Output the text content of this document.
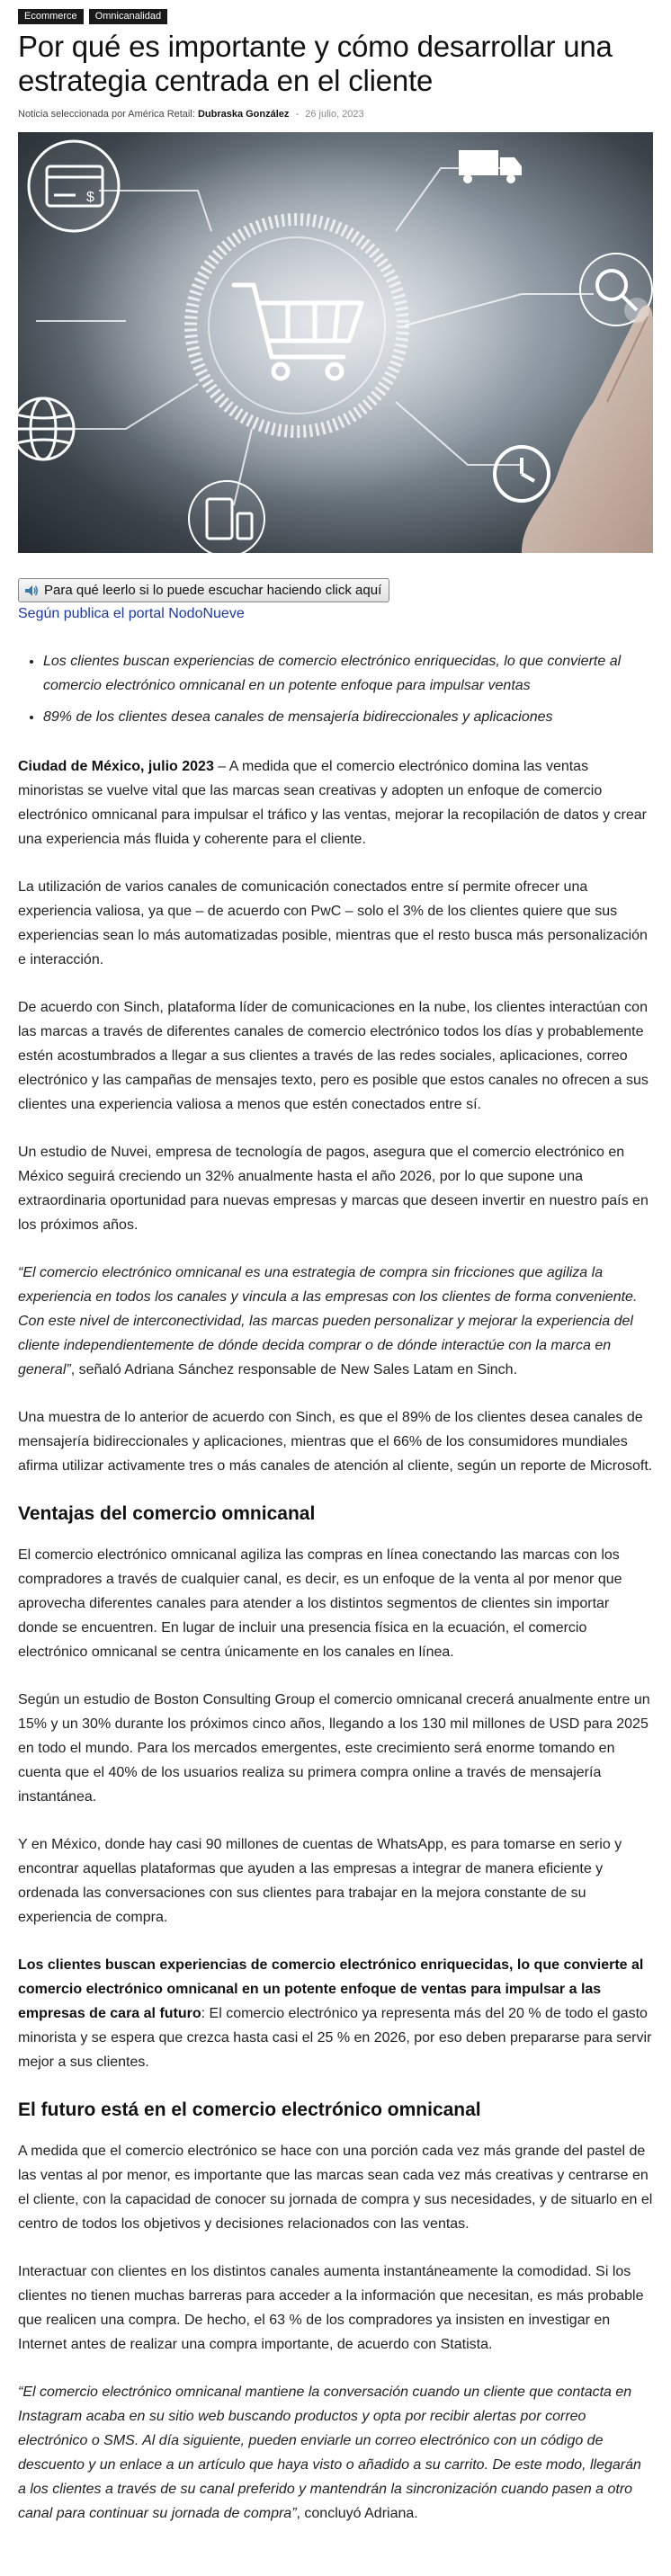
Ecommerce	Omnicanalidad
Por qué es importante y cómo desarrollar una estrategia centrada en el cliente
Noticia seleccionada por América Retail: Dubraska González - 26 julio, 2023
$
Para qué leerlo si lo puede escuchar haciendo click aquí
Según publica el portal NodoNueve
• Los clientes buscan experiencias de comercio electrónico enriquecidas, lo que convierte al comercio electrónico omnicanal en un potente enfoque para impulsar ventas
• 89% de los clientes desea canales de mensajería bidireccionales y aplicaciones

Ciudad de México, julio 2023 – A medida que el comercio electrónico domina las ventas minoristas se vuelve vital que las marcas sean creativas y adopten un enfoque de comercio electrónico omnicanal para impulsar el tráfico y las ventas, mejorar la recopilación de datos y crear una experiencia más fluida y coherente para el cliente.

La utilización de varios canales de comunicación conectados entre sí permite ofrecer una experiencia valiosa, ya que – de acuerdo con PwC – solo el 3% de los clientes quiere que sus experiencias sean lo más automatizadas posible, mientras que el resto busca más personalización e interacción.

De acuerdo con Sinch, plataforma líder de comunicaciones en la nube, los clientes interactúan con las marcas a través de diferentes canales de comercio electrónico todos los días y probablemente estén acostumbrados a llegar a sus clientes a través de las redes sociales, aplicaciones, correo electrónico y las campañas de mensajes texto, pero es posible que estos canales no ofrecen a sus clientes una experiencia valiosa a menos que estén conectados entre sí.

Un estudio de Nuvei, empresa de tecnología de pagos, asegura que el comercio electrónico en México seguirá creciendo un 32% anualmente hasta el año 2026, por lo que supone una extraordinaria oportunidad para nuevas empresas y marcas que deseen invertir en nuestro país en los próximos años.

“El comercio electrónico omnicanal es una estrategia de compra sin fricciones que agiliza la experiencia en todos los canales y vincula a las empresas con los clientes de forma conveniente. Con este nivel de interconectividad, las marcas pueden personalizar y mejorar la experiencia del cliente independientemente de dónde decida comprar o de dónde interactúe con la marca en general”, señaló Adriana Sánchez responsable de New Sales Latam en Sinch.

Una muestra de lo anterior de acuerdo con Sinch, es que el 89% de los clientes desea canales de mensajería bidireccionales y aplicaciones, mientras que el 66% de los consumidores mundiales afirma utilizar activamente tres o más canales de atención al cliente, según un reporte de Microsoft.

Ventajas del comercio omnicanal

El comercio electrónico omnicanal agiliza las compras en línea conectando las marcas con los compradores a través de cualquier canal, es decir, es un enfoque de la venta al por menor que aprovecha diferentes canales para atender a los distintos segmentos de clientes sin importar donde se encuentren. En lugar de incluir una presencia física en la ecuación, el comercio electrónico omnicanal se centra únicamente en los canales en línea.

Según un estudio de Boston Consulting Group el comercio omnicanal crecerá anualmente entre un 15% y un 30% durante los próximos cinco años, llegando a los 130 mil millones de USD para 2025 en todo el mundo. Para los mercados emergentes, este crecimiento será enorme tomando en cuenta que el 40% de los usuarios realiza su primera compra online a través de mensajería instantánea.

Y en México, donde hay casi 90 millones de cuentas de WhatsApp, es para tomarse en serio y encontrar aquellas plataformas que ayuden a las empresas a integrar de manera eficiente y ordenada las conversaciones con sus clientes para trabajar en la mejora constante de su experiencia de compra.

Los clientes buscan experiencias de comercio electrónico enriquecidas, lo que convierte al comercio electrónico omnicanal en un potente enfoque de ventas para impulsar a las empresas de cara al futuro: El comercio electrónico ya representa más del 20 % de todo el gasto minorista y se espera que crezca hasta casi el 25 % en 2026, por eso deben prepararse para servir mejor a sus clientes.

El futuro está en el comercio electrónico omnicanal

A medida que el comercio electrónico se hace con una porción cada vez más grande del pastel de las ventas al por menor, es importante que las marcas sean cada vez más creativas y centrarse en el cliente, con la capacidad de conocer su jornada de compra y sus necesidades, y de situarlo en el centro de todos los objetivos y decisiones relacionados con las ventas.

Interactuar con clientes en los distintos canales aumenta instantáneamente la comodidad. Si los clientes no tienen muchas barreras para acceder a la información que necesitan, es más probable que realicen una compra. De hecho, el 63 % de los compradores ya insisten en investigar en Internet antes de realizar una compra importante, de acuerdo con Statista.

“El comercio electrónico omnicanal mantiene la conversación cuando un cliente que contacta en Instagram acaba en su sitio web buscando productos y opta por recibir alertas por correo electrónico o SMS. Al día siguiente, pueden enviarle un correo electrónico con un código de descuento y un enlace a un artículo que haya visto o añadido a su carrito. De este modo, llegarán a los clientes a través de su canal preferido y mantendrán la sincronización cuando pasen a otro canal para continuar su jornada de compra”, concluyó Adriana.
